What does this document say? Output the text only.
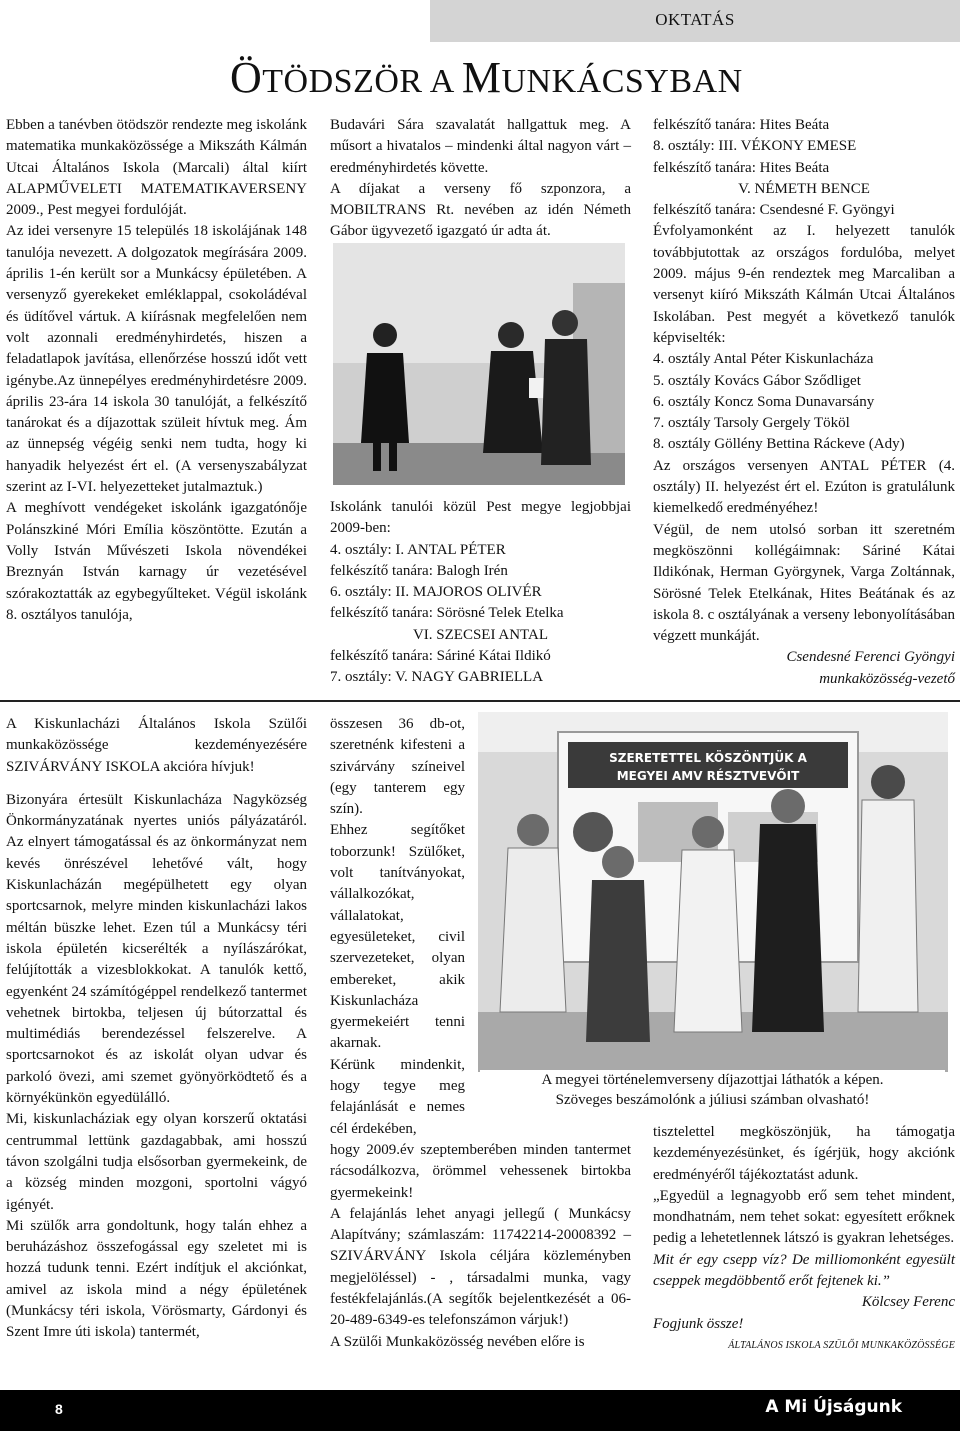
OKTATÁS
ÖTÖDSZÖR A MUNKÁCSYBAN

Ebben a tanévben ötödször rendezte meg iskolánk matematika munkaközössége a Mikszáth Kálmán Utcai Általános Iskola (Marcali) által kiírt ALAPMŰVELETI MATEMATIKAVERSENY 2009., Pest megyei fordulóját.

Az idei versenyre 15 település 18 iskolájának 148 tanulója nevezett. A dolgozatok megírására 2009. április 1-én került sor a Munkácsy épületében. A versenyző gyerekeket emléklappal, csokoládéval és üdítővel vártuk. A kiírásnak megfelelően nem volt azonnali eredményhirdetés, hiszen a feladatlapok javítása, ellenőrzése hosszú időt vett igénybe.Az ünnepélyes eredményhirdetésre 2009. április 23-ára 14 iskola 30 tanulóját, a felkészítő tanárokat és a díjazottak szüleit hívtuk meg. Ám az ünnepség végéig senki nem tudta, hogy ki hanyadik helyezést ért el. (A versenyszabályzat szerint az I-VI. helyezetteket jutalmaztuk.)

A meghívott vendégeket iskolánk igazgatónője Polánszkiné Móri Emília köszöntötte. Ezután a Volly István Művészeti Iskola növendékei Breznyán István karnagy úr vezetésével szórakoztatták az egybegyűlteket. Végül iskolánk 8. osztályos tanulója,

Budavári Sára szavalatát hallgattuk meg. A műsort a hivatalos – mindenki által nagyon várt – eredményhirdetés követte.

A díjakat a verseny fő szponzora, a MOBILTRANS Rt. nevében az idén Németh Gábor ügyvezető igazgató úr adta át.

Iskolánk tanulói közül Pest megye legjobbjai 2009-ben:

4. osztály: I. ANTAL PÉTER

felkészítő tanára: Balogh Irén

6. osztály: II. MAJOROS OLIVÉR

felkészítő tanára: Sörösné Telek Etelka

VI. SZECSEI ANTAL

felkészítő tanára: Sáriné Kátai Ildikó

7. osztály: V. NAGY GABRIELLA

felkészítő tanára: Hites Beáta

8. osztály: III. VÉKONY EMESE

felkészítő tanára: Hites Beáta

V. NÉMETH BENCE

felkészítő tanára: Csendesné F. Gyöngyi

Évfolyamonként az I. helyezett tanulók továbbjutottak az országos fordulóba, melyet 2009. május 9-én rendeztek meg Marcaliban a versenyt kiíró Mikszáth Kálmán Utcai Általános Iskolában. Pest megyét a következő tanulók képviselték:

4. osztály Antal Péter Kiskunlacháza

5. osztály Kovács Gábor Sződliget

6. osztály Koncz Soma Dunavarsány

7. osztály Tarsoly Gergely Tököl

8. osztály Göllény Bettina Ráckeve (Ady)

Az országos versenyen ANTAL PÉTER (4. osztály) II. helyezést ért el. Ezúton is gratulálunk kiemelkedő eredményéhez!

Végül, de nem utolsó sorban itt szeretném megköszönni kollégáimnak: Sáriné Kátai Ildikónak, Herman Györgynek, Varga Zoltánnak, Sörösné Telek Etelkának, Hites Beátának és az iskola 8. c osztályának a verseny lebonyolításában végzett munkáját.

Csendesné Ferenci Gyöngyi

munkaközösség-vezető

A Kiskunlacházi Általános Iskola Szülői munkaközössége kezdeményezésére SZIVÁRVÁNY ISKOLA akcióra hívjuk!

Bizonyára értesült Kiskunlacháza Nagyközség Önkormányzatának nyertes uniós pályázatáról. Az elnyert támogatással és az önkormányzat nem kevés önrészével lehetővé vált, hogy Kiskunlacházán megépülhetett egy olyan sportcsarnok, melyre minden kiskunlacházi lakos méltán büszke lehet. Ezen túl a Munkácsy téri iskola épületén kicserélték a nyílászárókat, felújították a vizesblokkokat. A tanulók kettő, egyenként 24 számítógéppel rendelkező tantermet vehetnek birtokba, teljesen új bútorzattal és multimédiás berendezéssel felszerelve. A sportcsarnokot és az iskolát olyan udvar és parkoló övezi, ami szemet gyönyörködtető és a környékünkön egyedülálló.

Mi, kiskunlacháziak egy olyan korszerű oktatási centrummal lettünk gazdagabbak, ami hosszú távon szolgálni tudja elsősorban gyermekeink, de a község minden mozgoni, sportolni vágyó igényét.

Mi szülők arra gondoltunk, hogy talán ehhez a beruházáshoz összefogással egy szeletet mi is hozzá tudunk tenni. Ezért indítjuk el akciónkat, amivel az iskola mind a négy épületének (Munkácsy téri iskola, Vörösmarty, Gárdonyi és Szent Imre úti iskola) tantermét,

összesen 36 db-ot, szeretnénk kifesteni a szivárvány színeivel (egy tanterem egy szín).

Ehhez segítőket toborzunk! Szülőket, volt tanítványokat, vállalkozókat, vállalatokat, egyesületeket, civil szervezeteket, olyan embereket, akik Kiskunlacháza gyermekeiért tenni akarnak.

Kérünk mindenkit, hogy tegye meg felajánlását e nemes cél érdekében,

SZERETETTEL KÖSZÖNTJÜK A
MEGYEI AMV RÉSZTVEVŐIT
A megyei történelemverseny díjazottjai láthatók a képen.
Szöveges beszámolónk a júliusi számban olvasható!

hogy 2009.év szeptemberében minden tantermet rácsodálkozva, örömmel vehessenek birtokba gyermekeink!

A felajánlás lehet anyagi jellegű ( Munkácsy Alapítvány; számlaszám: 11742214-20008392 – SZIVÁRVÁNY Iskola céljára közleményben megjelöléssel) - , társadalmi munka, vagy festékfelajánlás.(A segítők bejelentkezését a 06-20-489-6349-es telefonszámon várjuk!)

A Szülői Munkaközösség nevében előre is

tisztelettel megköszönjük, ha támogatja kezdeményezésünket, és ígérjük, hogy akciónk eredményéről tájékoztatást adunk.

„Egyedül a legnagyobb erő sem tehet mindent, mondhatnám, nem tehet sokat: egyesített erőknek pedig a lehetetlennek látszó is gyakran lehetséges.

Mit ér egy csepp víz? De milliomonként egyesült cseppek megdöbbentő erőt fejtenek ki.”

Kölcsey Ferenc

Fogjunk össze!

ÁLTALÁNOS ISKOLA SZÜLŐI MUNKAKÖZÖSSÉGE

8	A Mi Újságunk
